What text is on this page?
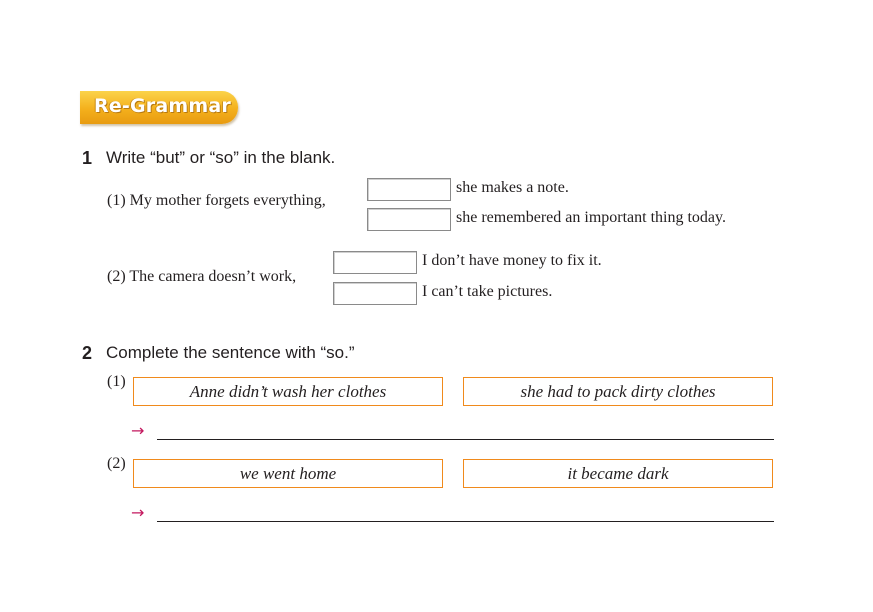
Re-Grammar
1 Write “but” or “so” in the blank.
(1) My mother forgets everything,
she makes a note.
she remembered an important thing today.
(2) The camera doesn’t work,
I don’t have money to fix it.
I can’t take pictures.
2 Complete the sentence with “so.”
(1)	Anne didn’t wash her clothes	she had to pack dirty clothes
→
(2)	we went home	it became dark
→
